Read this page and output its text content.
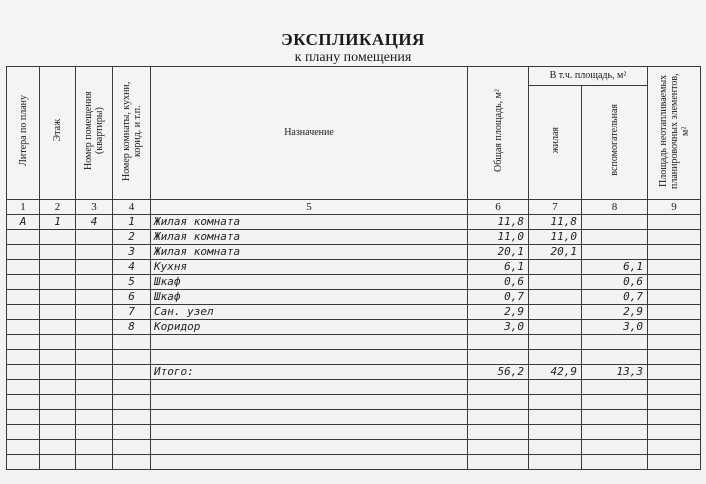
ЭКСПЛИКАЦИЯ
к плану помещения
Литера по плану	Этаж	Номер помещения (квартиры)	Номер комнаты, кухни, корид. и т.п.	Назначение	Общая площадь, м²	В т.ч. площадь, м²		Площадь неотапливаемых планировочных элементов, м²
						жилая	вспомогательная	
1	2	3	4	5	6	7	8	9
А	1	4	1	Жилая комната	11,8	11,8		
			2	Жилая комната	11,0	11,0		
			3	Жилая комната	20,1	20,1		
			4	Кухня	6,1		6,1	
			5	Шкаф	0,6		0,6	
			6	Шкаф	0,7		0,7	
			7	Сан. узел	2,9		2,9	
			8	Коридор	3,0		3,0	

				Итого:	56,2	42,9	13,3	
